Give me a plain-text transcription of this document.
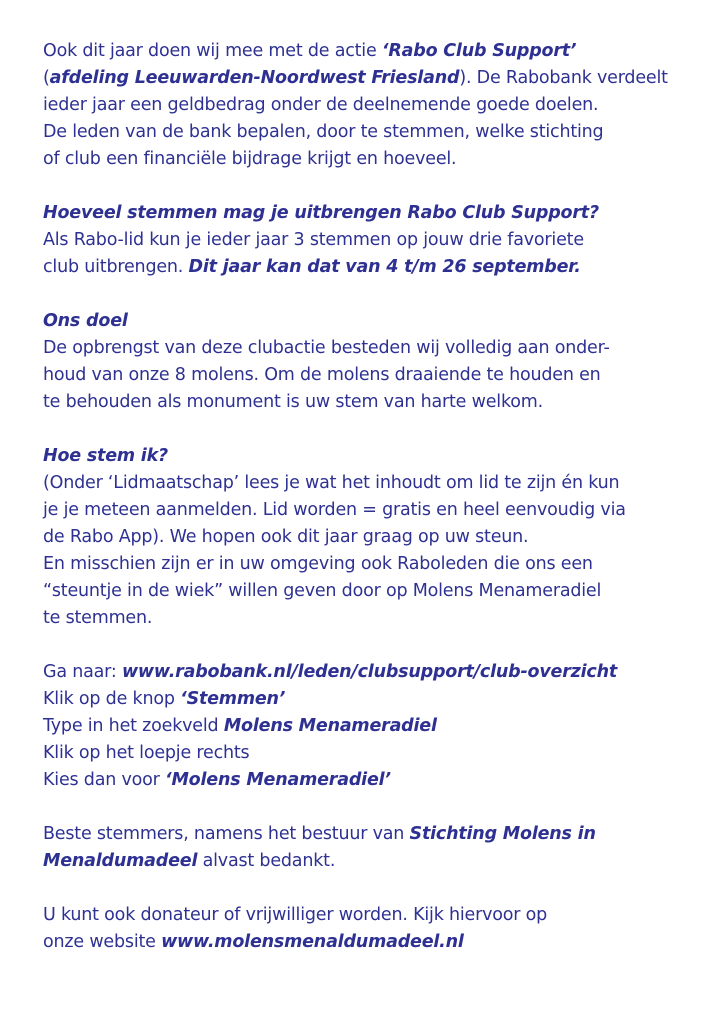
Ook dit jaar doen wij mee met de actie ‘Rabo Club Support’
(afdeling Leeuwarden-Noordwest Friesland). De Rabobank verdeelt
ieder jaar een geldbedrag onder de deelnemende goede doelen.
De leden van de bank bepalen, door te stemmen, welke stichting
of club een financiële bijdrage krijgt en hoeveel.
Hoeveel stemmen mag je uitbrengen Rabo Club Support?
Als Rabo-lid kun je ieder jaar 3 stemmen op jouw drie favoriete
club uitbrengen. Dit jaar kan dat van 4 t/m 26 september.
Ons doel
De opbrengst van deze clubactie besteden wij volledig aan onder-
houd van onze 8 molens. Om de molens draaiende te houden en
te behouden als monument is uw stem van harte welkom.
Hoe stem ik?
(Onder ‘Lidmaatschap’ lees je wat het inhoudt om lid te zijn én kun
je je meteen aanmelden. Lid worden = gratis en heel eenvoudig via
de Rabo App). We hopen ook dit jaar graag op uw steun.
En misschien zijn er in uw omgeving ook Raboleden die ons een
“steuntje in de wiek” willen geven door op Molens Menameradiel
te stemmen.
Ga naar: www.rabobank.nl/leden/clubsupport/club-overzicht
Klik op de knop ‘Stemmen’
Type in het zoekveld Molens Menameradiel
Klik op het loepje rechts
Kies dan voor ‘Molens Menameradiel’
Beste stemmers, namens het bestuur van Stichting Molens in
Menaldumadeel alvast bedankt.
U kunt ook donateur of vrijwilliger worden. Kijk hiervoor op
onze website www.molensmenaldumadeel.nl
